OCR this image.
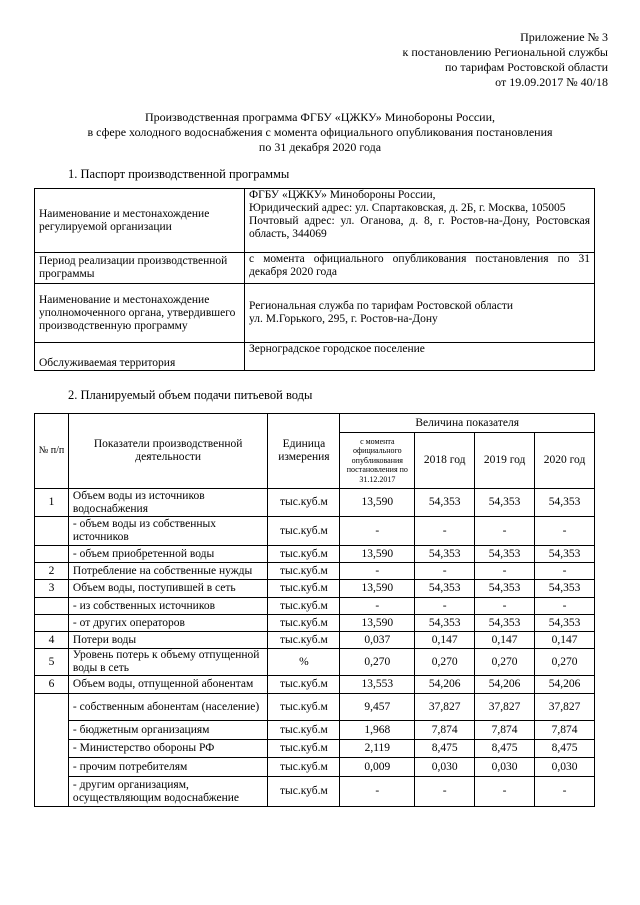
Приложение № 3
к постановлению Региональной службы
по тарифам Ростовской области
от 19.09.2017 № 40/18
Производственная программа ФГБУ «ЦЖКУ» Минобороны России,
в сфере холодного водоснабжения с момента официального опубликования постановления
по 31 декабря 2020 года
1. Паспорт производственной программы
Наименование и местонахождение регулируемой организации	ФГБУ «ЦЖКУ» Минобороны России,
Юридический адрес: ул. Спартаковская, д. 2Б, г. Москва, 105005
Почтовый адрес: ул. Оганова, д. 8, г. Ростов-на-Дону, Ростовская область, 344069

Период реализации производственной программы	с момента официального опубликования постановления по 31 декабря 2020 года

Наименование и местонахождение уполномоченного органа, утвердившего производственную программу	Региональная служба по тарифам Ростовской области
ул. М.Горького, 295, г. Ростов-на-Дону

Обслуживаемая территория	Зерноградское городское поселение
2. Планируемый объем подачи питьевой воды
№ п/п	Показатели производственной деятельности	Единица измерения	Величина показателя			
			с момента официального опубликования постановления по 31.12.2017	2018 год	2019 год	2020 год
1	Объем воды из источников водоснабжения	тыс.куб.м	13,590	54,353	54,353	54,353
	- объем воды из собственных источников	тыс.куб.м	-	-	-	-
	- объем приобретенной воды	тыс.куб.м	13,590	54,353	54,353	54,353
2	Потребление на собственные нужды	тыс.куб.м	-	-	-	-
3	Объем воды, поступившей в сеть	тыс.куб.м	13,590	54,353	54,353	54,353
	- из собственных источников	тыс.куб.м	-	-	-	-
	- от других операторов	тыс.куб.м	13,590	54,353	54,353	54,353
4	Потери воды	тыс.куб.м	0,037	0,147	0,147	0,147
5	Уровень потерь к объему отпущенной воды в сеть	%	0,270	0,270	0,270	0,270
6	Объем воды, отпущенной абонентам	тыс.куб.м	13,553	54,206	54,206	54,206
	- собственным абонентам (население)	тыс.куб.м	9,457	37,827	37,827	37,827
	- бюджетным организациям	тыс.куб.м	1,968	7,874	7,874	7,874
	- Министерство обороны РФ	тыс.куб.м	2,119	8,475	8,475	8,475
	- прочим потребителям	тыс.куб.м	0,009	0,030	0,030	0,030
	- другим организациям, осуществляющим водоснабжение	тыс.куб.м	-	-	-	-
